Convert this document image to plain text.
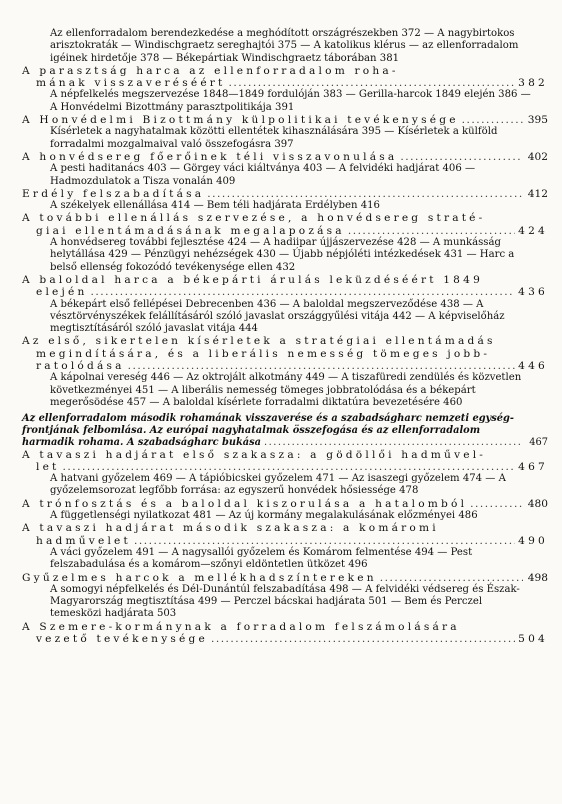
Az ellenforradalom berendezkedése a meghódított országrészekben 372 — A nagybirtokos arisztokraták — Windischgraetz sereghajtói 375 — A katolikus klérus — az ellenforradalom igéinek hirdetője 378 — Békepártiak Windischgraetz táborában 381
A parasztság harca az ellenforradalom roha-
mának visszaveréséért .....	382
A népfelkelés megszervezése 1848—1849 fordulóján 383 — Gerilla-harcok 1849 elején 386 — A Honvédelmi Bizottmány parasztpolitikája 391
A Honvédelmi Bizottmány külpolitikai tevékenysége .....	395
Kísérletek a nagyhatalmak közötti ellentétek kihasználására 395 — Kísérletek a külföld forradalmi mozgalmaival való összefogásra 397
A honvédsereg főerőinek téli visszavonulása .....	402
A pesti haditanács 403 — Görgey váci kiáltványa 403 — A felvidéki hadjárat 406 — Hadmozdulatok a Tisza vonalán 409
Erdély felszabadítása .....	412
A székelyek ellenállása 414 — Bem téli hadjárata Erdélyben 416
A további ellenállás szervezése, a honvédsereg straté-
giai ellentámadásának megalapozása .....	424
A honvédsereg további fejlesztése 424 — A hadiipar újjászervezése 428 — A munkásság helytállása 429 — Pénzügyi nehézségek 430 — Újabb népjóléti intézkedések 431 — Harc a belső ellenség fokozódó tevékenysége ellen 432
A baloldal harca a békepárti árulás leküzdéséért 1849
elején .....	436
A békepárt első fellépései Debrecenben 436 — A baloldal megszerveződése 438 — A vésztörvényszékek felállításáról szóló javaslat országgyűlési vitája 442 — A képviselőház megtisztításáról szóló javaslat vitája 444
Az első, sikertelen kísérletek a stratégiai ellentámadás
megindítására, és a liberális nemesség tömeges jobb-
ratolódása .....	446
A kápolnai vereség 446 — Az oktrojált alkotmány 449 — A tiszafüredi zendülés és közvetlen következményei 451 — A liberális nemesség tömeges jobbratolódása és a békepárt megerősödése 457 — A baloldal kísérlete forradalmi diktatúra bevezetésére 460
Az ellenforradalom második rohamának visszaverése és a szabadságharc nemzeti egység-
frontjának felbomlása. Az európai nagyhatalmak összefogása és az ellenforradalom
harmadik rohama. A szabadságharc bukása .....	467
A tavaszi hadjárat első szakasza: a gödöllői hadművel-
let .....	467
A hatvani győzelem 469 — A tápióbicskei győzelem 471 — Az isaszegi győzelem 474 — A győzelemsorozat legfőbb forrása: az egyszerű honvédek hősiessége 478
A trónfosztás és a baloldal kiszorulása a hatalomból .....	480
A függetlenségi nyilatkozat 481 — Az új kormány megalakulásának előzményei 486
A tavaszi hadjárat második szakasza: a komáromi
hadművelet .....	490
A váci győzelem 491 — A nagysallói győzelem és Komárom felmentése 494 — Pest felszabadulása és a komárom—szőnyi eldöntetlen ütközet 496
Gyűzelmes harcok a mellékhadszíntereken .....	498
A somogyi népfelkelés és Dél-Dunántúl felszabadítása 498 — A felvidéki védsereg és Észak-Magyarország megtisztítása 499 — Perczel bácskai hadjárata 501 — Bem és Perczel temesközi hadjárata 503
A Szemere-kormánynak a forradalom felszámolására
vezető tevékenysége .....	504
